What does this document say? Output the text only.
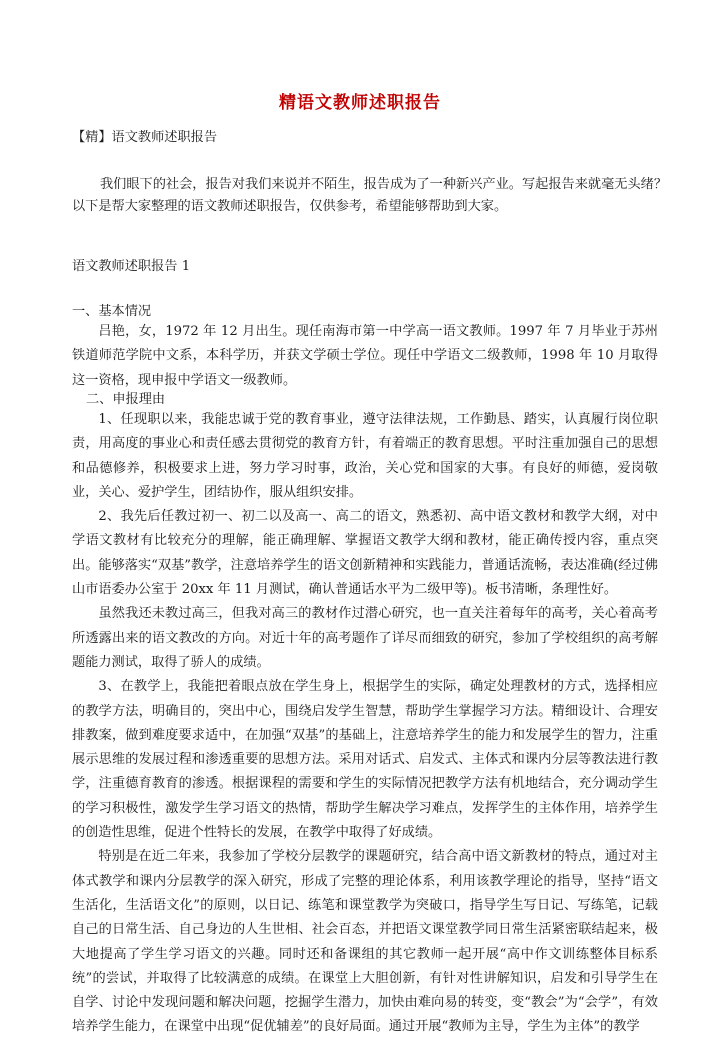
精语文教师述职报告
【精】语文教师述职报告
我们眼下的社会，报告对我们来说并不陌生，报告成为了一种新兴产业。写起报告来就毫无头绪？
以下是帮大家整理的语文教师述职报告，仅供参考，希望能够帮助到大家。
语文教师述职报告 1
一、基本情况

吕艳，女，1972 年 12 月出生。现任南海市第一中学高一语文教师。1997 年 7 月毕业于苏州铁道师范学院中文系，本科学历，并获文学硕士学位。现任中学语文二级教师，1998 年 10 月取得这一资格，现申报中学语文一级教师。

二、申报理由

1、任现职以来，我能忠诚于党的教育事业，遵守法律法规，工作勤恳、踏实，认真履行岗位职责，用高度的事业心和责任感去贯彻党的教育方针，有着端正的教育思想。平时注重加强自己的思想和品德修养，积极要求上进，努力学习时事，政治，关心党和国家的大事。有良好的师德，爱岗敬业，关心、爱护学生，团结协作，服从组织安排。

2、我先后任教过初一、初二以及高一、高二的语文，熟悉初、高中语文教材和教学大纲，对中学语文教材有比较充分的理解，能正确理解、掌握语文教学大纲和教材，能正确传授内容，重点突出。能够落实“双基”教学，注意培养学生的语文创新精神和实践能力，普通话流畅，表达准确(经过佛山市语委办公室于 20xx 年 11 月测试，确认普通话水平为二级甲等)。板书清晰，条理性好。

虽然我还未教过高三，但我对高三的教材作过潜心研究，也一直关注着每年的高考，关心着高考所透露出来的语文教改的方向。对近十年的高考题作了详尽而细致的研究，参加了学校组织的高考解题能力测试，取得了骄人的成绩。

3、在教学上，我能把着眼点放在学生身上，根据学生的实际，确定处理教材的方式，选择相应的教学方法，明确目的，突出中心，围绕启发学生智慧，帮助学生掌握学习方法。精细设计、合理安排教案，做到难度要求适中，在加强“双基”的基础上，注意培养学生的能力和发展学生的智力，注重展示思维的发展过程和渗透重要的思想方法。采用对话式、启发式、主体式和课内分层等教法进行教学，注重德育教育的渗透。根据课程的需要和学生的实际情况把教学方法有机地结合，充分调动学生的学习积极性，激发学生学习语文的热情，帮助学生解决学习难点，发挥学生的主体作用，培养学生的创造性思维，促进个性特长的发展，在教学中取得了好成绩。

特别是在近二年来，我参加了学校分层教学的课题研究，结合高中语文新教材的特点，通过对主体式教学和课内分层教学的深入研究，形成了完整的理论体系，利用该教学理论的指导，坚持“语文生活化，生活语文化”的原则，以日记、练笔和课堂教学为突破口，指导学生写日记、写练笔，记载自己的日常生活、自己身边的人生世相、社会百态，并把语文课堂教学同日常生活紧密联结起来，极大地提高了学生学习语文的兴趣。同时还和备课组的其它教师一起开展“高中作文训练整体目标系统”的尝试，并取得了比较满意的成绩。在课堂上大胆创新，有针对性讲解知识，启发和引导学生在自学、讨论中发现问题和解决问题，挖掘学生潜力，加快由难向易的转变，变“教会”为“会学”，有效培养学生能力，在课堂中出现“促优辅差”的良好局面。通过开展“教师为主导，学生为主体”的教学
